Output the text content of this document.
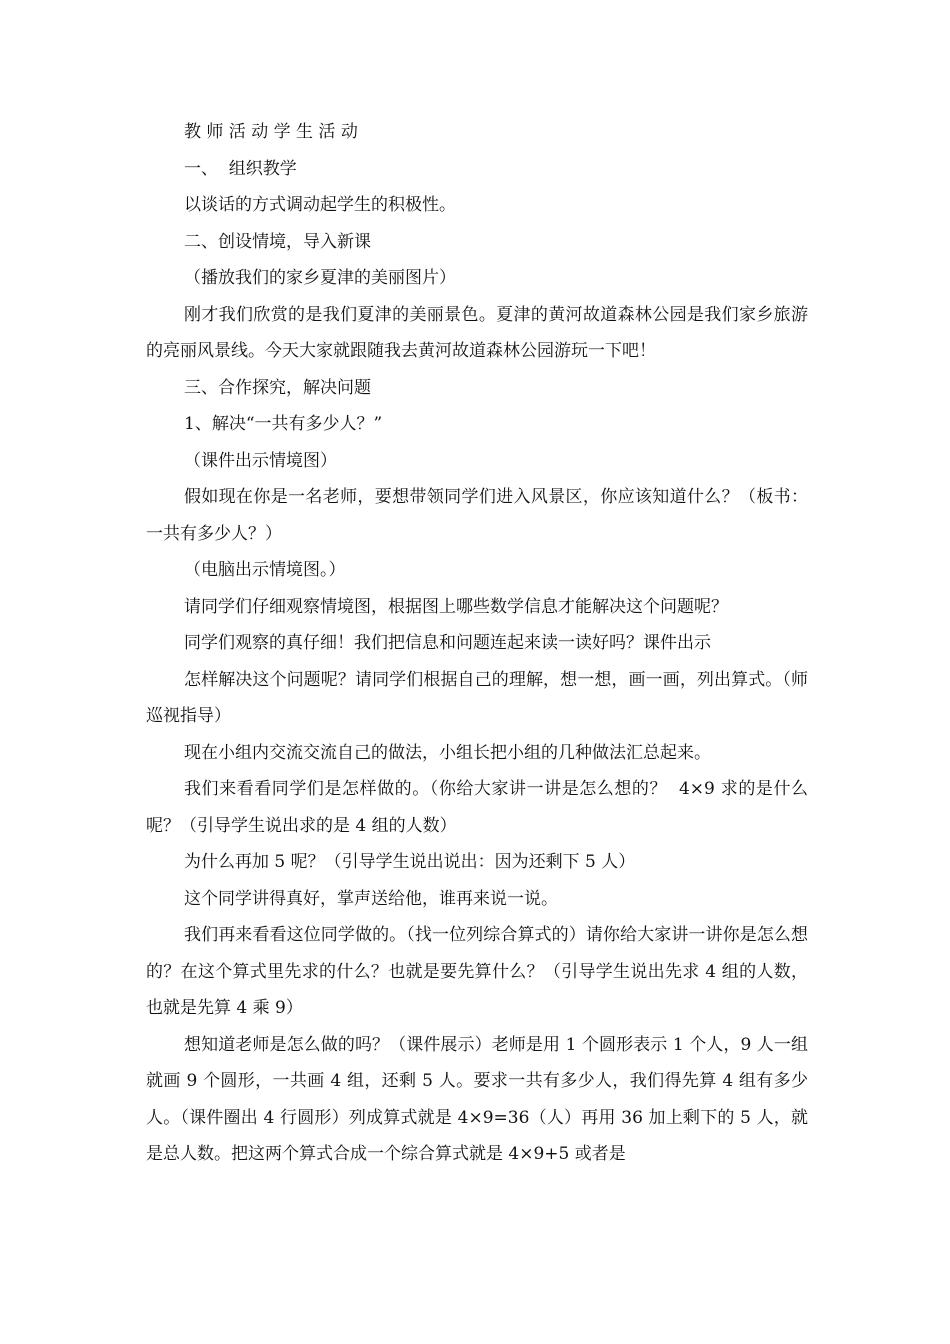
教 师 活 动 学 生 活 动

一、  组织教学

以谈话的方式调动起学生的积极性。

二、创设情境，导入新课

（播放我们的家乡夏津的美丽图片）

刚才我们欣赏的是我们夏津的美丽景色。夏津的黄河故道森林公园是我们家乡旅游的亮丽风景线。今天大家就跟随我去黄河故道森林公园游玩一下吧！

三、合作探究，解决问题

1、解决“一共有多少人？”

（课件出示情境图）

假如现在你是一名老师，要想带领同学们进入风景区，你应该知道什么？（板书：一共有多少人？）

（电脑出示情境图。）

请同学们仔细观察情境图，根据图上哪些数学信息才能解决这个问题呢？

同学们观察的真仔细！我们把信息和问题连起来读一读好吗？课件出示

怎样解决这个问题呢？请同学们根据自己的理解，想一想，画一画，列出算式。（师巡视指导）

现在小组内交流交流自己的做法，小组长把小组的几种做法汇总起来。

我们来看看同学们是怎样做的。（你给大家讲一讲是怎么想的？  4×9 求的是什么呢？（引导学生说出求的是 4 组的人数）

为什么再加 5 呢？（引导学生说出说出：因为还剩下 5 人）

这个同学讲得真好，掌声送给他，谁再来说一说。

我们再来看看这位同学做的。（找一位列综合算式的）请你给大家讲一讲你是怎么想的？在这个算式里先求的什么？也就是要先算什么？（引导学生说出先求 4 组的人数，也就是先算 4 乘 9）

想知道老师是怎么做的吗？（课件展示）老师是用 1 个圆形表示 1 个人，9 人一组就画 9 个圆形，一共画 4 组，还剩 5 人。要求一共有多少人，我们得先算 4 组有多少人。（课件圈出 4 行圆形）列成算式就是 4×9=36（人）再用 36 加上剩下的 5 人，就是总人数。把这两个算式合成一个综合算式就是 4×9+5 或者是
